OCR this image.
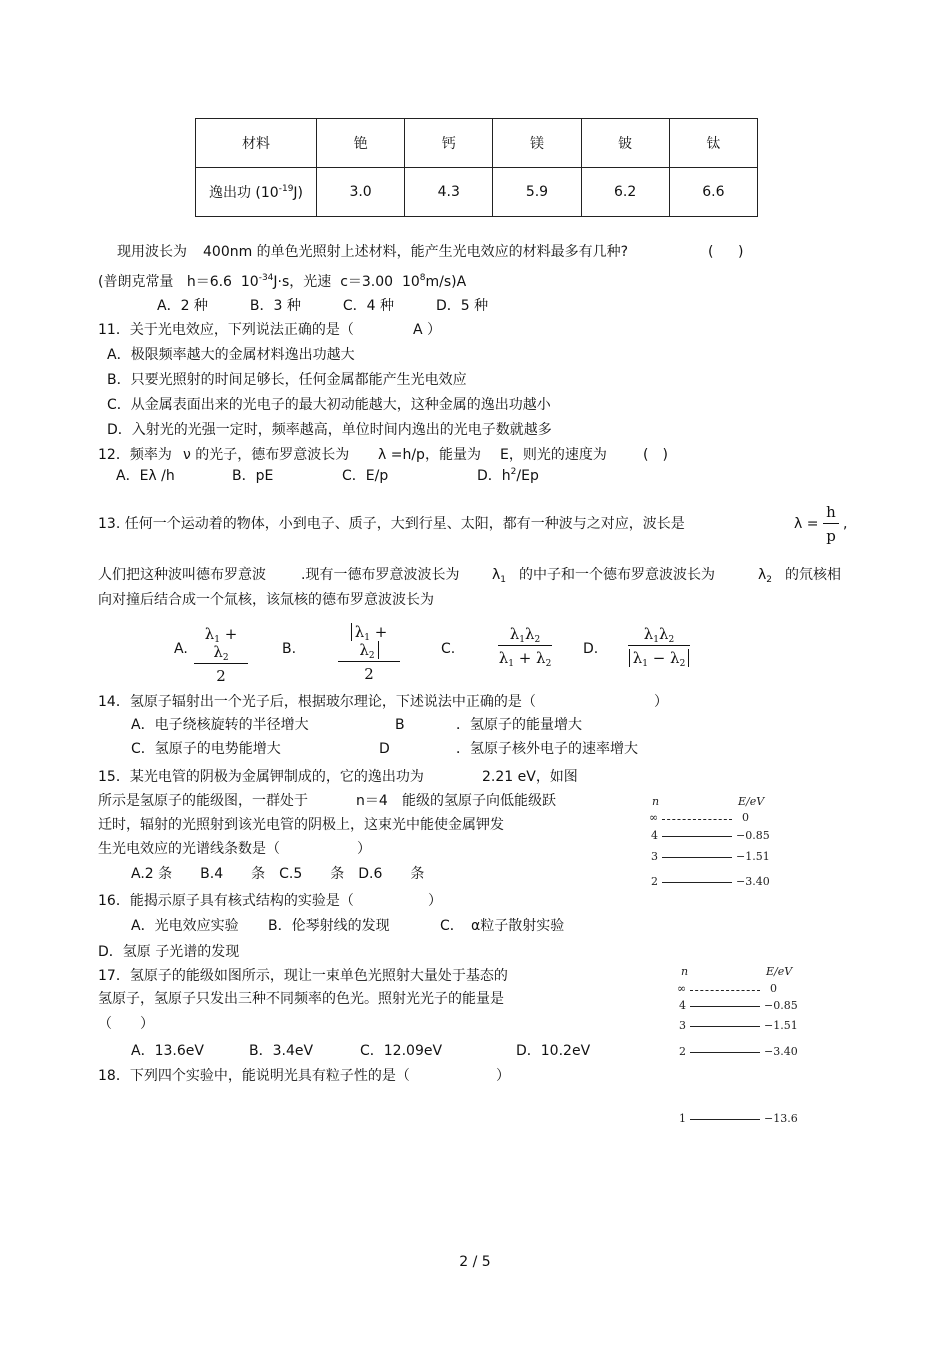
材料	铯	钙	镁	铍	钛
逸出功 $(10^{-19}J)$	3.0	4.3	5.9	6.2	6.6
现用波长为 400nm 的单色光照射上述材料，能产生光电效应的材料最多有几种?	( )
(普朗克常量 h＝6.6 $10^{-34}J\cdot s$，光速 c＝3.00 $10^8m/s)A$
A．2 种　　　B．3 种　　　C．4 种　　　D．5 种
11．关于光电效应，下列说法正确的是（	A ）
A．极限频率越大的金属材料逸出功越大
B．只要光照射的时间足够长，任何金属都能产生光电效应
C．从金属表面出来的光电子的最大初动能越大，这种金属的逸出功越小
D．入射光的光强一定时，频率越高，单位时间内逸出的光电子数就越多
12．频率为 ν 的光子，德布罗意波长为 λ =h/p，能量为 E，则光的速度为	(　)
A．Eλ /h	B．pE	C．E/p	D．$h^2/Ep$
13. 任何一个运动着的物体，小到电子、质子，大到行星、太阳，都有一种波与之对应，波长是	$\lambda = \frac{h}{p}$ ,
人们把这种波叫德布罗意波	.现有一德布罗意波波长为 $\lambda_1$ 的中子和一个德布罗意波波长为	$\lambda_2$ 的氘核相
向对撞后结合成一个氚核，该氚核的德布罗意波波长为
A. $\frac{\lambda_1 + \lambda_2}{2} B$.	$\frac{\lambda_1 + \lambda_2}{2}$	C.	$\frac{\lambda_1\lambda_2}{\lambda_1 + \lambda_2} D$. $\frac{\lambda_1\lambda_2}{\lambda_1 - \lambda_2}$
14．氢原子辐射出一个光子后，根据玻尔理论，下述说法中正确的是（	）
A．电子绕核旋转的半径增大	B	．氢原子的能量增大
C．氢原子的电势能增大	D	．氢原子核外电子的速率增大
15．某光电管的阴极为金属钾制成的，它的逸出功为	2.21 eV，如图
所示是氢原子的能级图，一群处于	n＝4 能级的氢原子向低能级跃
迁时，辐射的光照射到该光电管的阴极上，这束光中能使金属钾发
生光电效应的光谱线条数是（	）
A.2 条　　B.4　　条　C.5　　条　D.6　　条
n	E/eV
∞	0
4	−0.85
3	−1.51
2	−3.40
16．能揭示原子具有核式结构的实验是（	）
A．光电效应实验 B．伦琴射线的发现	C． α粒子散射实验
D．氢原 子光谱的发现
17．氢原子的能级如图所示，现让一束单色光照射大量处于基态的
氢原子，氢原子只发出三种不同频率的色光。照射光光子的能量是
（　　）
A．13.6eV	B．3.4eV	C．12.09eV	D．10.2eV
18．下列四个实验中，能说明光具有粒子性的是（	）
n	E/eV
∞	0
4	−0.85
3	−1.51
2	−3.40
1	−13.6
2 / 5
